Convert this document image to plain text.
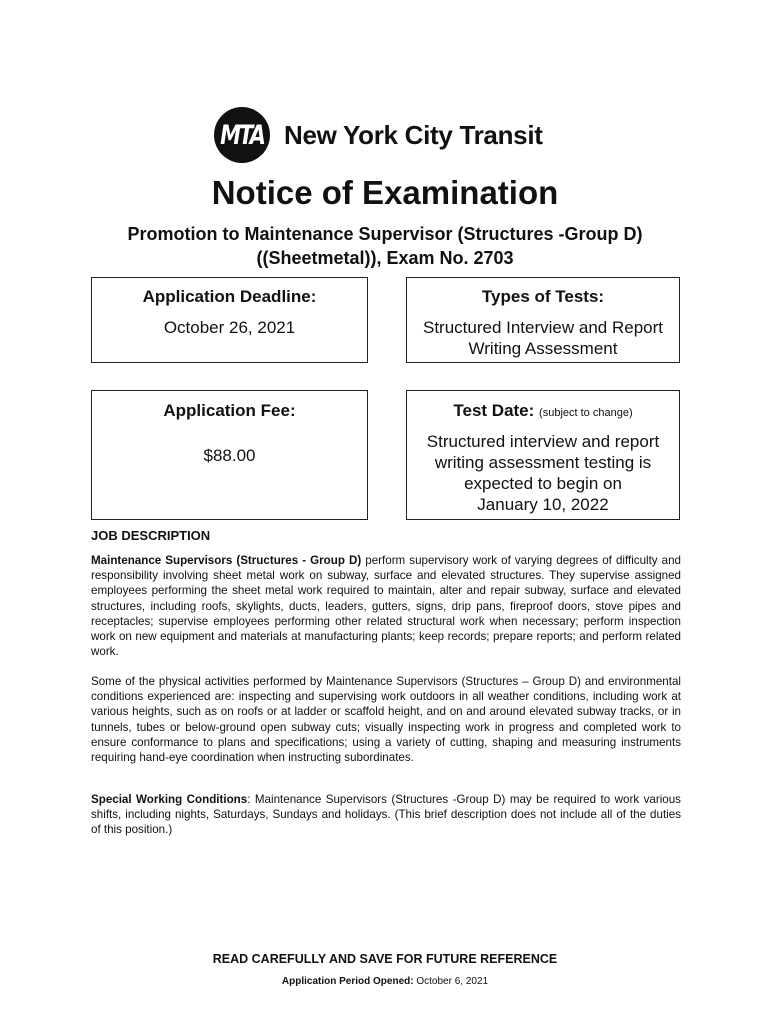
MTA New York City Transit
Notice of Examination
Promotion to Maintenance Supervisor (Structures -Group D)
((Sheetmetal)), Exam No. 2703
Application Deadline:
October 26, 2021
Types of Tests:
Structured Interview and Report
Writing Assessment
Application Fee:
$88.00
Test Date: (subject to change)
Structured interview and report
writing assessment testing is
expected to begin on
January 10, 2022
JOB DESCRIPTION

Maintenance Supervisors (Structures - Group D) perform supervisory work of varying degrees of difficulty and responsibility involving sheet metal work on subway, surface and elevated structures. They supervise assigned employees performing the sheet metal work required to maintain, alter and repair subway, surface and elevated structures, including roofs, skylights, ducts, leaders, gutters, signs, drip pans, fireproof doors, stove pipes and receptacles; supervise employees performing other related structural work when necessary; perform inspection work on new equipment and materials at manufacturing plants; keep records; prepare reports; and perform related work.

Some of the physical activities performed by Maintenance Supervisors (Structures – Group D) and environmental conditions experienced are: inspecting and supervising work outdoors in all weather conditions, including work at various heights, such as on roofs or at ladder or scaffold height, and on and around elevated subway tracks, or in tunnels, tubes or below-ground open subway cuts; visually inspecting work in progress and completed work to ensure conformance to plans and specifications; using a variety of cutting, shaping and measuring instruments requiring hand-eye coordination when instructing subordinates.

Special Working Conditions: Maintenance Supervisors (Structures -Group D) may be required to work various shifts, including nights, Saturdays, Sundays and holidays. (This brief description does not include all of the duties of this position.)

READ CAREFULLY AND SAVE FOR FUTURE REFERENCE

Application Period Opened: October 6, 2021
